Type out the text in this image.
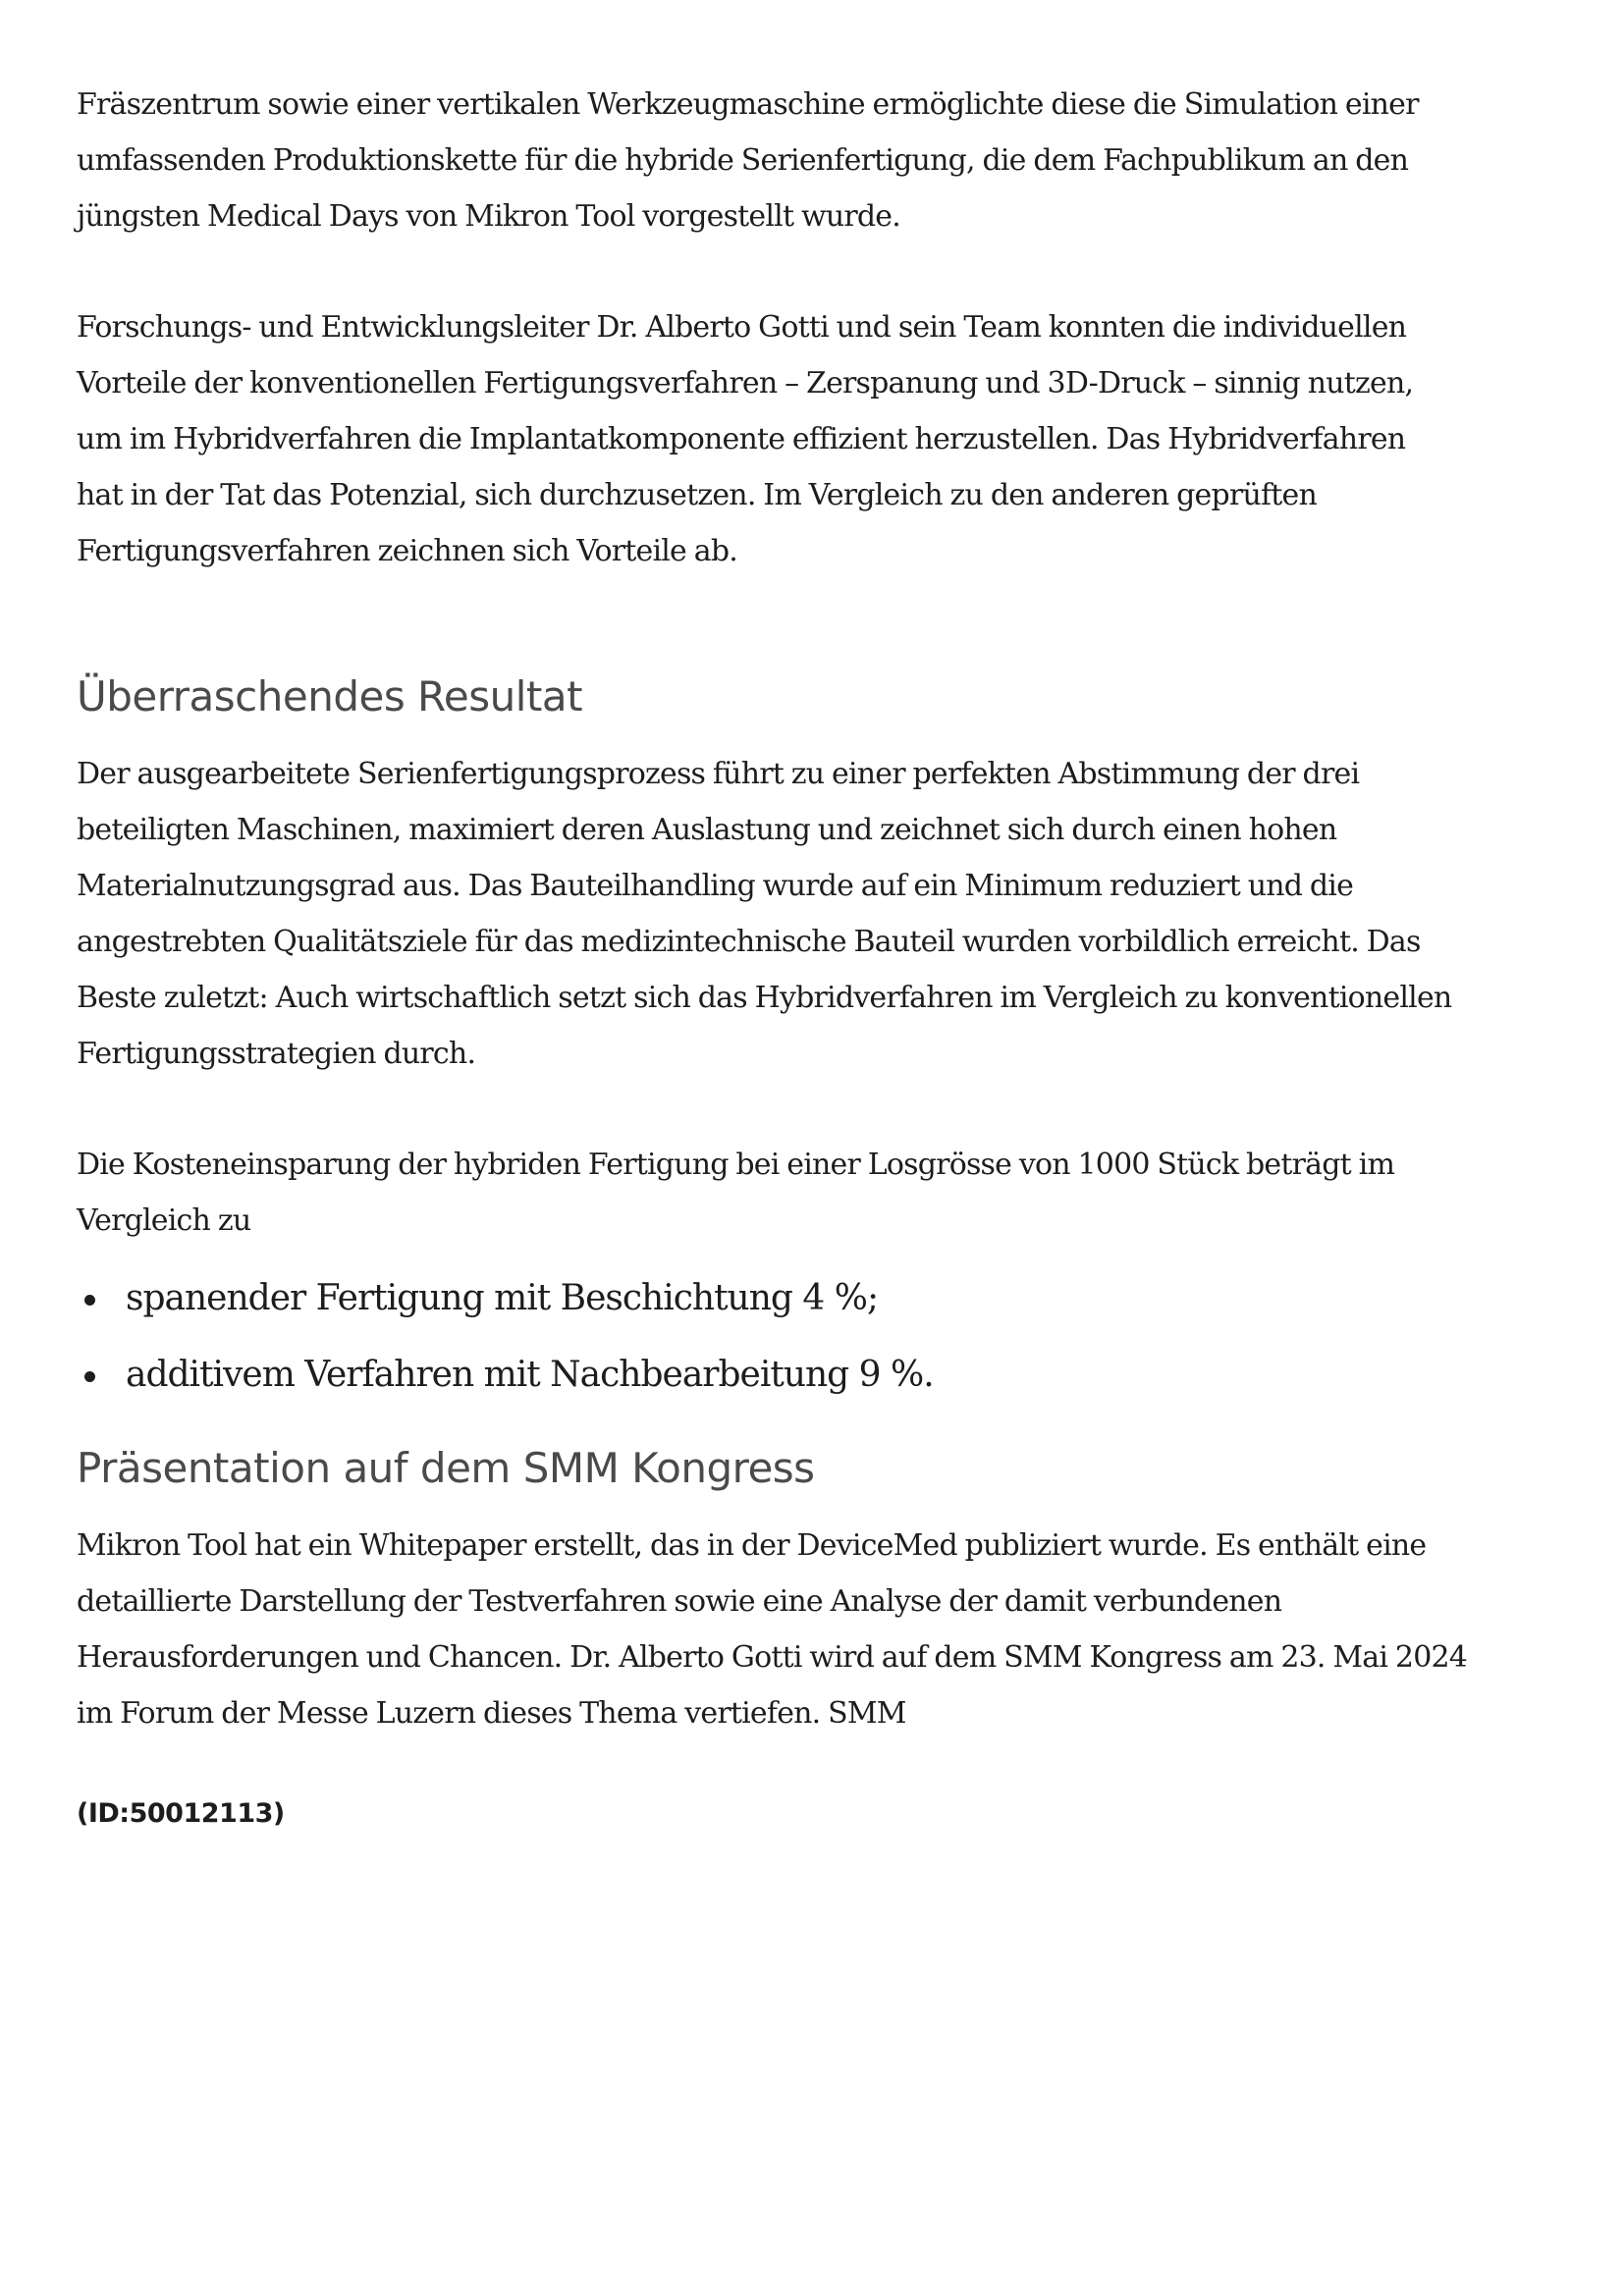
Fräszentrum sowie einer vertikalen Werkzeugmaschine ermöglichte diese die Simulation einer
umfassenden Produktionskette für die hybride Serienfertigung, die dem Fachpublikum an den
jüngsten Medical Days von Mikron Tool vorgestellt wurde.

Forschungs- und Entwicklungsleiter Dr. Alberto Gotti und sein Team konnten die individuellen
Vorteile der konventionellen Fertigungsverfahren – Zerspanung und 3D-Druck – sinnig nutzen,
um im Hybridverfahren die Implantatkomponente effizient herzustellen. Das Hybridverfahren
hat in der Tat das Potenzial, sich durchzusetzen. Im Vergleich zu den anderen geprüften
Fertigungsverfahren zeichnen sich Vorteile ab.

Überraschendes Resultat

Der ausgearbeitete Serienfertigungsprozess führt zu einer perfekten Abstimmung der drei
beteiligten Maschinen, maximiert deren Auslastung und zeichnet sich durch einen hohen
Materialnutzungsgrad aus. Das Bauteilhandling wurde auf ein Minimum reduziert und die
angestrebten Qualitätsziele für das medizintechnische Bauteil wurden vorbildlich erreicht. Das
Beste zuletzt: Auch wirtschaftlich setzt sich das Hybridverfahren im Vergleich zu konventionellen
Fertigungsstrategien durch.

Die Kosteneinsparung der hybriden Fertigung bei einer Losgrösse von 1000 Stück beträgt im
Vergleich zu

spanender Fertigung mit Beschichtung 4 %;
additivem Verfahren mit Nachbearbeitung 9 %.
Präsentation auf dem SMM Kongress

Mikron Tool hat ein Whitepaper erstellt, das in der DeviceMed publiziert wurde. Es enthält eine
detaillierte Darstellung der Testverfahren sowie eine Analyse der damit verbundenen
Herausforderungen und Chancen. Dr. Alberto Gotti wird auf dem SMM Kongress am 23. Mai 2024
im Forum der Messe Luzern dieses Thema vertiefen. SMM

(ID:50012113)
